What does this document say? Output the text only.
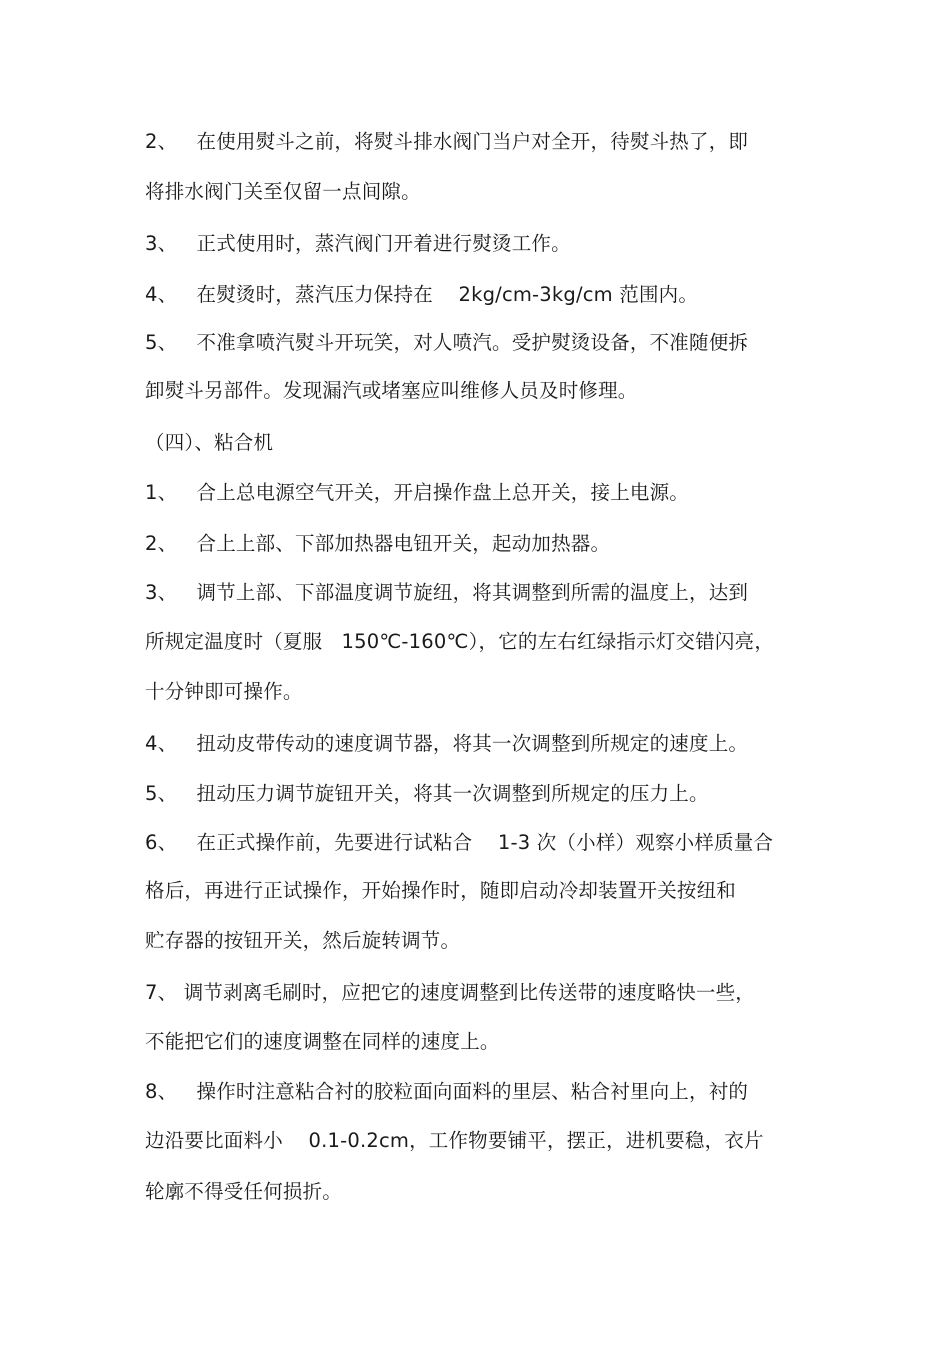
2、   在使用熨斗之前，将熨斗排水阀门当户对全开，待熨斗热了，即
将排水阀门关至仅留一点间隙。
3、   正式使用时，蒸汽阀门开着进行熨烫工作。
4、   在熨烫时，蒸汽压力保持在    2kg/cm-3kg/cm 范围内。
5、   不准拿喷汽熨斗开玩笑，对人喷汽。受护熨烫设备，不准随便拆
卸熨斗另部件。发现漏汽或堵塞应叫维修人员及时修理。
（四）、粘合机
1、   合上总电源空气开关，开启操作盘上总开关，接上电源。
2、   合上上部、下部加热器电钮开关，起动加热器。
3、   调节上部、下部温度调节旋纽，将其调整到所需的温度上，达到
所规定温度时（夏服   150℃-160℃），它的左右红绿指示灯交错闪亮，
十分钟即可操作。
4、   扭动皮带传动的速度调节器，将其一次调整到所规定的速度上。
5、   扭动压力调节旋钮开关，将其一次调整到所规定的压力上。
6、   在正式操作前，先要进行试粘合    1-3 次（小样）观察小样质量合
格后，再进行正试操作，开始操作时，随即启动冷却装置开关按纽和
贮存器的按钮开关，然后旋转调节。
7、 调节剥离毛刷时，应把它的速度调整到比传送带的速度略快一些，
不能把它们的速度调整在同样的速度上。
8、   操作时注意粘合衬的胶粒面向面料的里层、粘合衬里向上，衬的
边沿要比面料小    0.1-0.2cm，工作物要铺平，摆正，进机要稳，衣片
轮廓不得受任何损折。
